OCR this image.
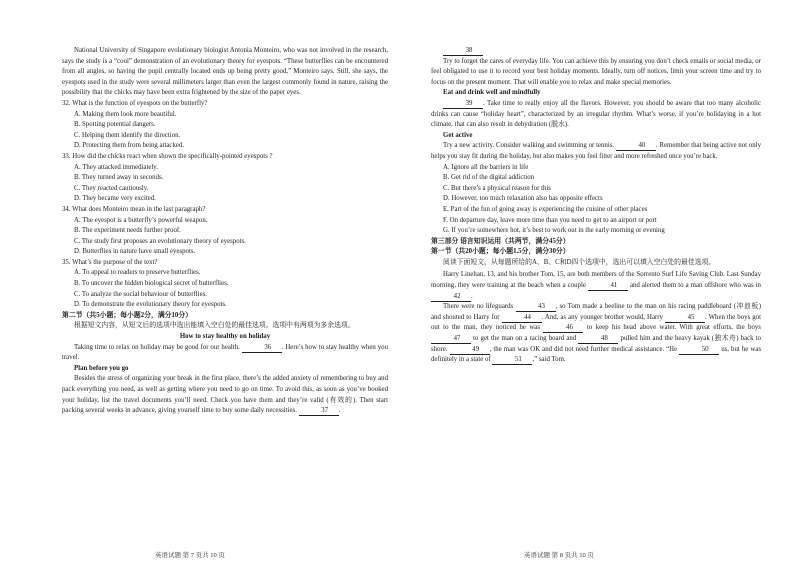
National University of Singapore evolutionary biologist Antonia Monteiro, who was not involved in the research, says the study is a “cool” demonstration of an evolutionary theory for eyespots. “These butterflies can be encountered from all angles, so having the pupil centrally located ends up being pretty good,” Monteiro says. Still, she says, the eyespots used in the study were several millimeters larger than even the largest commonly found in nature, raising the possibility that the chicks may have been extra frightened by the size of the paper eyes.

32. What is the function of eyespots on the butterfly?

A. Making them look more beautiful.

B. Spotting potential dangers.

C. Helping them identify the direction.

D. Protecting them from being attacked.

33. How did the chicks react when shown the specifically-pointed eyespots ?

A. They attacked immediately.

B. They turned away in seconds.

C. They reacted cautiously.

D. They became very excited.

34. What does Monteiro mean in the last paragraph?

A. The eyespot is a butterfly’s powerful weapon.

B. The experiment needs further proof.

C. The study first proposes an evolutionary theory of eyespots.

D. Butterflies in nature have small eyespots.

35. What’s the purpose of the text?

A. To appeal to readers to preserve butterflies.

B. To uncover the hidden biological secret of butterflies.

C. To analyze the social behaviour of butterflies.

D. To demonstrate the evolutionary theory for eyespots.

第二节（共5小题；每小题2分，满分10分）

根据短文内容，从短文后的选项中选出能填入空白处的最佳选项。选项中有两项为多余选项。

How to stay healthy on holiday

Taking time to relax on holiday may be good for our health.	36 . Here’s how to stay healthy when you travel.

Plan before you go

Besides the stress of organizing your break in the first place, there’s the added anxiety of remembering to buy and pack everything you need, as well as getting where you need to go on time. To avoid this, as soon as you’ve booked your holiday, list the travel documents you’ll need. Check you have them and they’re valid (有效的). Then start packing several weeks in advance, giving yourself time to buy some daily necessities.	37 .

38

Try to forget the cares of everyday life. You can achieve this by ensuring you don’t check emails or social media, or feel obligated to use it to record your best holiday moments. Ideally, turn off notices, limit your screen time and try to focus on the present moment. That will enable you to relax and make special memories.

Eat and drink well and mindfully

39 . Take time to really enjoy all the flavors. However, you should be aware that too many alcoholic drinks can cause “holiday heart”, characterized by an irregular rhythm. What’s worse, if you’re holidaying in a hot climate, that can also result in dehydration (脱水).

Get active

Try a new activity. Consider walking and swimming or tennis.	40 . Remember that being active not only helps you stay fit during the holiday, but also makes you feel fitter and more refreshed once you’re back.

A. Ignore all the barriers in life

B. Get rid of the digital addiction

C. But there’s a physical reason for this

D. However, too much relaxation also has opposite effects

E. Part of the fun of going away is experiencing the cuisine of other places

F. On departure day, leave more time than you need to get to an airport or port

G. If you’re somewhere hot, it’s best to work out in the early morning or evening

第三部分 语言知识运用（共两节，满分45分）

第一节（共20小题；每小题1.5分，满分30分）

阅读下面短文，从每题所给的A、B、C和D四个选项中，选出可以填入空白处的最佳选项。

Harry Linehan, 13, and his brother Tom, 15, are both members of the Sorrento Surf Life Saving Club. Last Sunday morning, they were training at the beach when a couple	41 and alerted them to a man offshore who was in 42 .

There were no lifeguards	43 , so Tom made a beeline to the man on his racing paddleboard (冲浪板) and shouted to Harry for	44 . And, as any younger brother would, Harry	45 . When the boys got out to the man, they noticed he was	46 to keep his head above water. With great efforts, the boys 47 to get the man on a racing board and	48 pulled him and the heavy kayak (独木舟) back to shore.	49 , the man was OK and did not need further medical assistance. “He	50 us, but he was definitely in a state of	51 ,” said Tom.

英语试题 第 7 页共 10 页	英语试题 第 8 页共 10 页
